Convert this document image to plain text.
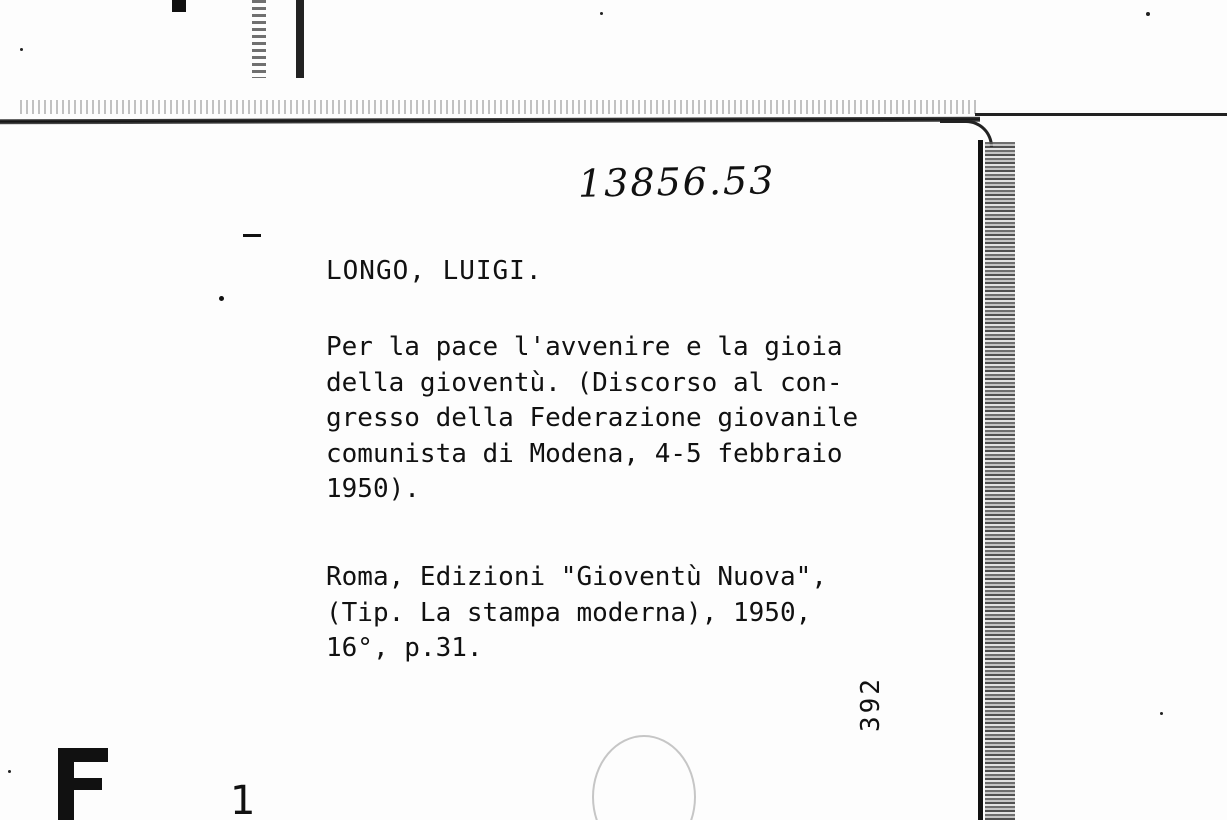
13856.53
LONGO, LUIGI.
Per la pace l'avvenire e la gioia
della gioventù. (Discorso al con-
gresso della Federazione giovanile
comunista di Modena, 4-5 febbraio
1950).
Roma, Edizioni "Gioventù Nuova",
(Tip. La stampa moderna), 1950,
16°, p.31.
392
1
